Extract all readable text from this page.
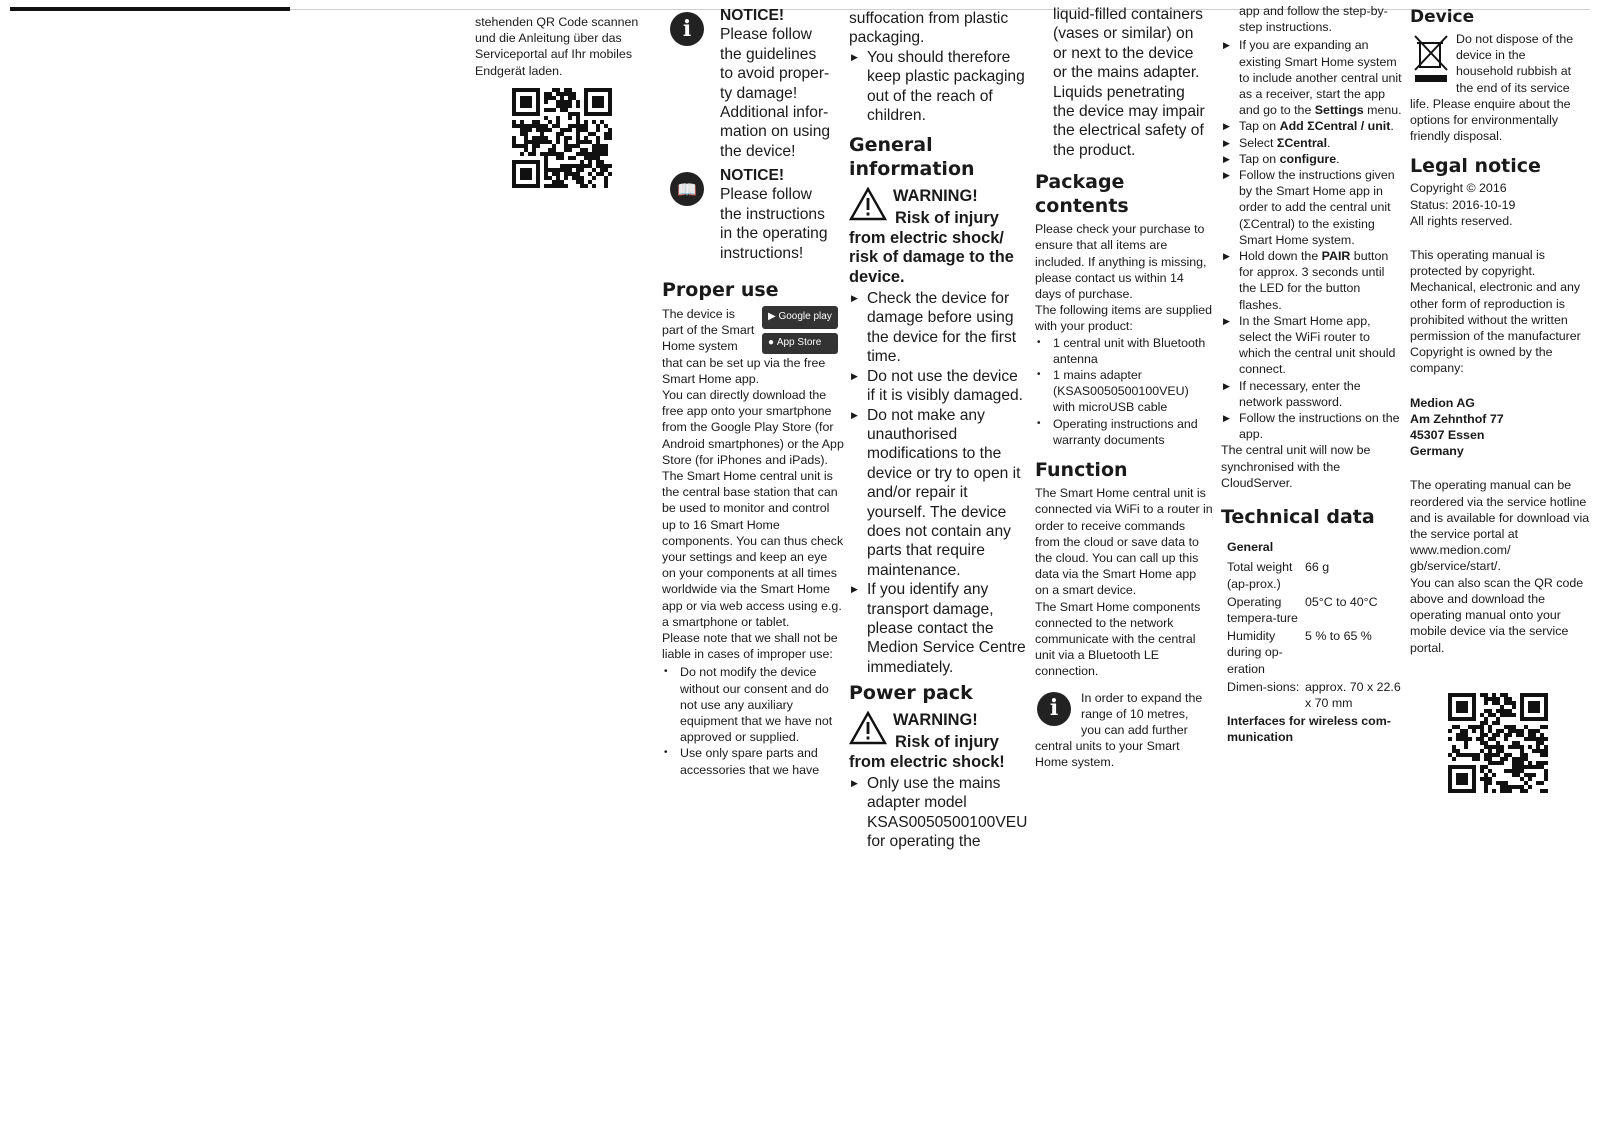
stehenden QR Code scannen und die Anleitung über das Serviceportal auf Ihr mobiles Endgerät laden.

i
NOTICE!
Please follow
the guidelines
to avoid proper-
ty damage!
Additional infor-
mation on using
the device!
📖
NOTICE!
Please follow
the instructions
in the operating
instructions!
Proper use
▶ Google play
● App Store
The device is
part of the Smart
Home system

that can be set up via the free Smart Home app.

You can directly download the free app onto your smartphone from the Google Play Store (for Android smartphones) or the App Store (for iPhones and iPads).

The Smart Home central unit is the central base station that can be used to monitor and control up to 16 Smart Home components. You can thus check your settings and keep an eye on your components at all times worldwide via the Smart Home app or via web access using e.g. a smartphone or tablet.

Please note that we shall not be liable in cases of improper use:

• Do not modify the device without our consent and do not use any auxiliary equipment that we have not approved or supplied.
• Use only spare parts and accessories that we have
suffocation from plastic
packaging.
▶ You should therefore keep plastic packaging out of the reach of children.
General information
WARNING!
Risk of injury from electric shock/ risk of damage to the device.
▶ Check the device for damage before using the device for the first time.
▶ Do not use the device if it is visibly damaged.
▶ Do not make any unauthorised modifications to the device or try to open it and/or repair it yourself. The device does not contain any parts that require maintenance.
▶ If you identify any transport damage, please contact the Medion Service Centre immediately.
Power pack
WARNING!
Risk of injury from electric shock!
▶ Only use the mains adapter model KSAS0050500100VEU for operating the
liquid-filled containers
(vases or similar) on
or next to the device
or the mains adapter.
Liquids penetrating
the device may impair
the electrical safety of
the product.
Package contents

Please check your purchase to ensure that all items are included. If anything is missing, please contact us within 14 days of purchase.

The following items are supplied with your product:

• 1 central unit with Bluetooth antenna
• 1 mains adapter (KSAS0050500100VEU) with microUSB cable
• Operating instructions and warranty documents
Function

The Smart Home central unit is connected via WiFi to a router in order to receive commands from the cloud or save data to the cloud. You can call up this data via the Smart Home app on a smart device.

The Smart Home components connected to the network communicate with the central unit via a Bluetooth LE connection.

i	In order to expand the
range of 10 metres,
you can add further

central units to your Smart Home system.

app and follow the step-by-
step instructions.
▶ If you are expanding an existing Smart Home system to include another central unit as a receiver, start the app and go to the Settings menu.
▶ Tap on Add ΣCentral / unit.
▶ Select ΣCentral.
▶ Tap on configure.
▶ Follow the instructions given by the Smart Home app in order to add the central unit (ΣCentral) to the existing Smart Home system.
▶ Hold down the PAIR button for approx. 3 seconds until the LED for the button flashes.
▶ In the Smart Home app, select the WiFi router to which the central unit should connect.
▶ If necessary, enter the network password.
▶ Follow the instructions on the app.

The central unit will now be synchronised with the CloudServer.

Technical data
General
Total weight (ap-prox.)
66 g
Operating tempera-ture
05°C to 40°C
Humidity during op-eration
5 % to 65 %
Dimen-sions: approx. 70 x 22.6 x 70 mm
Interfaces for wireless com-munication
Device
Do not dispose of the
device in the
household rubbish at
the end of its service

life. Please enquire about the options for environmentally friendly disposal.

Legal notice
Copyright © 2016
Status: 2016-10-19
All rights reserved.

This operating manual is protected by copyright. Mechanical, electronic and any other form of reproduction is prohibited without the written permission of the manufacturer

Copyright is owned by the company:

Medion AG
Am Zehnthof 77
45307 Essen
Germany

The operating manual can be reordered via the service hotline and is available for download via the service portal at www.medion.com/ gb/service/start/.

You can also scan the QR code above and download the operating manual onto your mobile device via the service portal.
